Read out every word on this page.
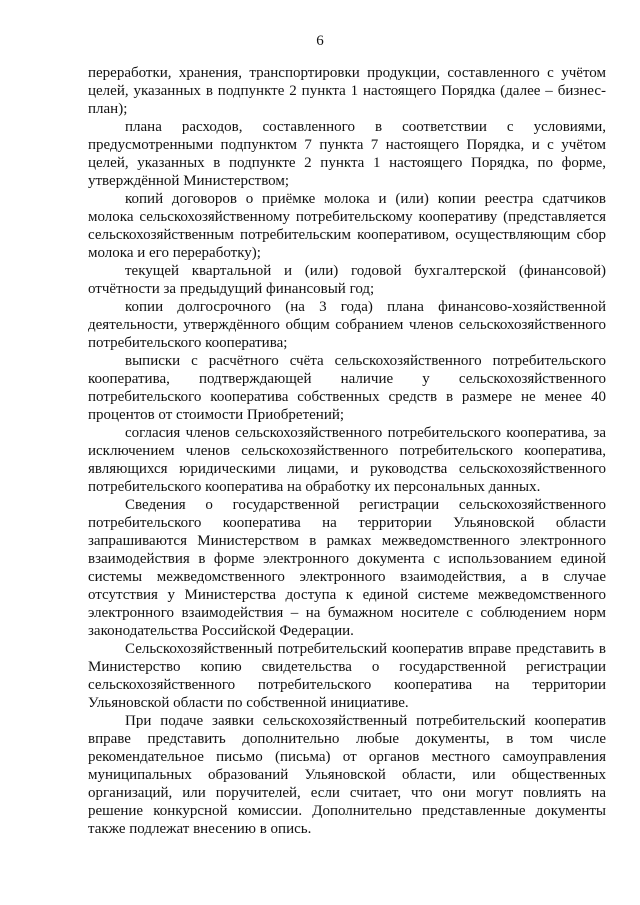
6

переработки, хранения, транспортировки продукции, составленного с учётом целей, указанных в подпункте 2 пункта 1 настоящего Порядка (далее – бизнес-план);

плана расходов, составленного в соответствии с условиями, предусмотренными подпунктом 7 пункта 7 настоящего Порядка, и с учётом целей, указанных в подпункте 2 пункта 1 настоящего Порядка, по форме, утверждённой Министерством;

копий договоров о приёмке молока и (или) копии реестра сдатчиков молока сельскохозяйственному потребительскому кооперативу (представляется сельскохозяйственным потребительским кооперативом, осуществляющим сбор молока и его переработку);

текущей квартальной и (или) годовой бухгалтерской (финансовой) отчётности за предыдущий финансовый год;

копии долгосрочного (на 3 года) плана финансово-хозяйственной деятельности, утверждённого общим собранием членов сельскохозяйственного потребительского кооператива;

выписки с расчётного счёта сельскохозяйственного потребительского кооператива, подтверждающей наличие у сельскохозяйственного потребительского кооператива собственных средств в размере не менее 40 процентов от стоимости Приобретений;

согласия членов сельскохозяйственного потребительского кооператива, за исключением членов сельскохозяйственного потребительского кооператива, являющихся юридическими лицами, и руководства сельскохозяйственного потребительского кооператива на обработку их персональных данных.

Сведения о государственной регистрации сельскохозяйственного потребительского кооператива на территории Ульяновской области запрашиваются Министерством в рамках межведомственного электронного взаимодействия в форме электронного документа с использованием единой системы межведомственного электронного взаимодействия, а в случае отсутствия у Министерства доступа к единой системе межведомственного электронного взаимодействия – на бумажном носителе с соблюдением норм законодательства Российской Федерации.

Сельскохозяйственный потребительский кооператив вправе представить в Министерство копию свидетельства о государственной регистрации сельскохозяйственного потребительского кооператива на территории Ульяновской области по собственной инициативе.

При подаче заявки сельскохозяйственный потребительский кооператив вправе представить дополнительно любые документы, в том числе рекомендательное письмо (письма) от органов местного самоуправления муниципальных образований Ульяновской области, или общественных организаций, или поручителей, если считает, что они могут повлиять на решение конкурсной комиссии. Дополнительно представленные документы также подлежат внесению в опись.
